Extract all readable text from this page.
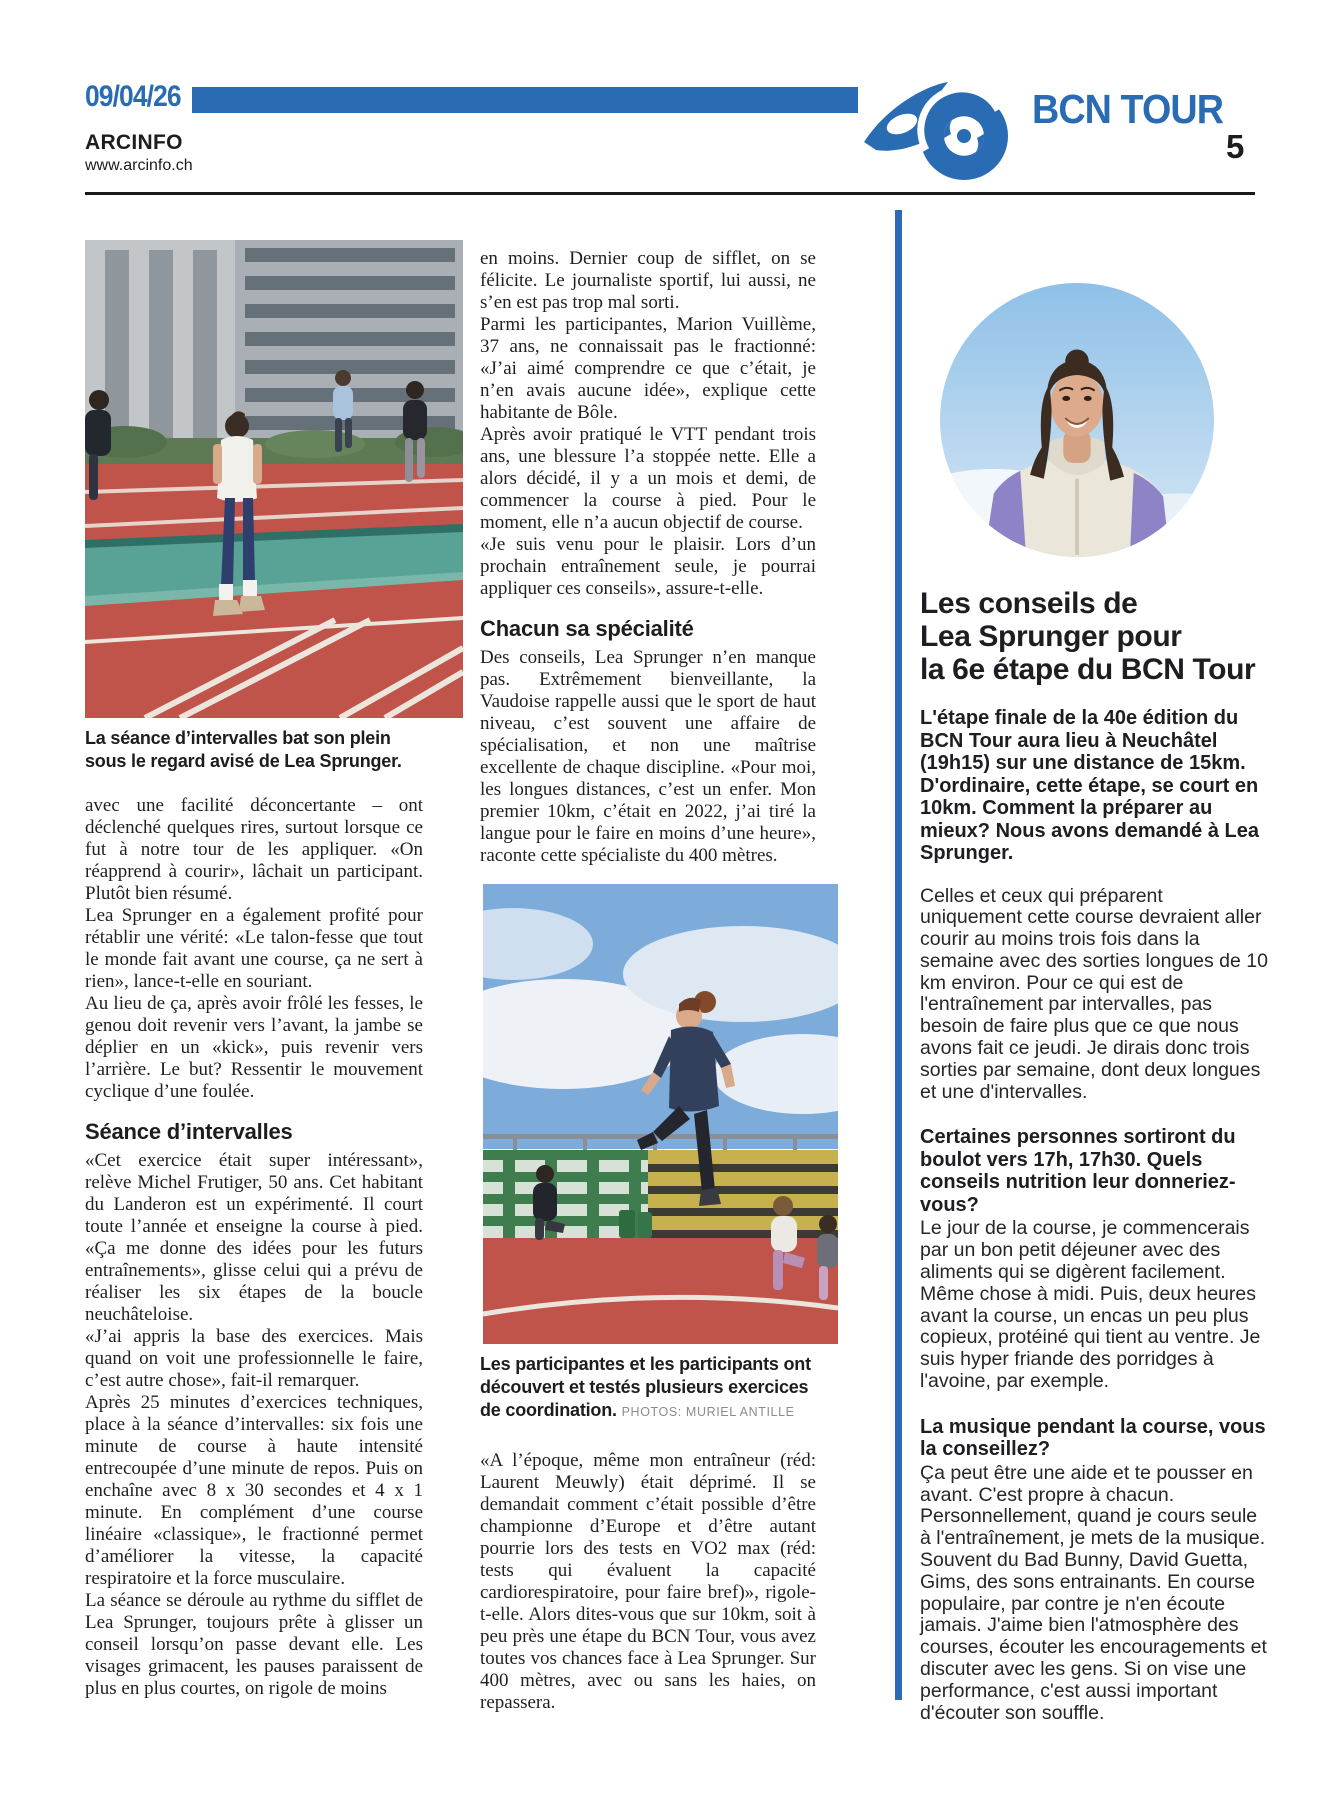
09/04/26
ARCINFO
www.arcinfo.ch
BCN TOUR
5
La séance d’intervalles bat son plein sous le regard avisé de Lea Sprunger.

avec une facilité déconcertante – ont déclenché quelques rires, surtout lorsque ce fut à notre tour de les appliquer. «On réapprend à courir», lâchait un participant. Plutôt bien résumé.

Lea Sprunger en a également profité pour rétablir une vérité: «Le talon-fesse que tout le monde fait avant une course, ça ne sert à rien», lance-t-elle en souriant.

Au lieu de ça, après avoir frôlé les fesses, le genou doit revenir vers l’avant, la jambe se déplier en un «kick», puis revenir vers l’arrière. Le but? Ressentir le mouvement cyclique d’une foulée.

Séance d’intervalles

«Cet exercice était super intéressant», relève Michel Frutiger, 50 ans. Cet habitant du Landeron est un expérimenté. Il court toute l’année et enseigne la course à pied. «Ça me donne des idées pour les futurs entraînements», glisse celui qui a prévu de réaliser les six étapes de la boucle neuchâteloise.

«J’ai appris la base des exercices. Mais quand on voit une professionnelle le faire, c’est autre chose», fait-il remarquer.

Après 25 minutes d’exercices techniques, place à la séance d’intervalles: six fois une minute de course à haute intensité entrecoupée d’une minute de repos. Puis on enchaîne avec 8 x 30 secondes et 4 x 1 minute. En complément d’une course linéaire «classique», le fractionné permet d’améliorer la vitesse, la capacité respiratoire et la force musculaire.

La séance se déroule au rythme du sifflet de Lea Sprunger, toujours prête à glisser un conseil lorsqu’on passe devant elle. Les visages grimacent, les pauses paraissent de plus en plus courtes, on rigole de moins

en moins. Dernier coup de sifflet, on se félicite. Le journaliste sportif, lui aussi, ne s’en est pas trop mal sorti.

Parmi les participantes, Marion Vuillème, 37 ans, ne connaissait pas le fractionné: «J’ai aimé comprendre ce que c’était, je n’en avais aucune idée», explique cette habitante de Bôle.

Après avoir pratiqué le VTT pendant trois ans, une blessure l’a stoppée nette. Elle a alors décidé, il y a un mois et demi, de commencer la course à pied. Pour le moment, elle n’a aucun objectif de course.

«Je suis venu pour le plaisir. Lors d’un prochain entraînement seule, je pourrai appliquer ces conseils», assure-t-elle.

Chacun sa spécialité

Des conseils, Lea Sprunger n’en manque pas. Extrêmement bienveillante, la Vaudoise rappelle aussi que le sport de haut niveau, c’est souvent une affaire de spécialisation, et non une maîtrise excellente de chaque discipline. «Pour moi, les longues distances, c’est un enfer. Mon premier 10km, c’était en 2022, j’ai tiré la langue pour le faire en moins d’une heure», raconte cette spécialiste du 400 mètres.

Les participantes et les participants ont découvert et testés plusieurs exercices de coordination. PHOTOS: MURIEL ANTILLE

«A l’époque, même mon entraîneur (réd: Laurent Meuwly) était déprimé. Il se demandait comment c’était possible d’être championne d’Europe et d’être autant pourrie lors des tests en VO2 max (réd: tests qui évaluent la capacité cardiorespiratoire, pour faire bref)», rigole-t-elle. Alors dites-vous que sur 10km, soit à peu près une étape du BCN Tour, vous avez toutes vos chances face à Lea Sprunger. Sur 400 mètres, avec ou sans les haies, on repassera.

Les conseils de
Lea Sprunger pour
la 6e étape du BCN Tour
L'étape finale de la 40e édition du BCN Tour aura lieu à Neuchâtel (19h15) sur une distance de 15km. D'ordinaire, cette étape, se court en 10km. Comment la préparer au mieux? Nous avons demandé à Lea Sprunger.
Celles et ceux qui préparent uniquement cette course devraient aller courir au moins trois fois dans la semaine avec des sorties longues de 10 km environ. Pour ce qui est de l'entraînement par intervalles, pas besoin de faire plus que ce que nous avons fait ce jeudi. Je dirais donc trois sorties par semaine, dont deux longues et une d'intervalles.
Certaines personnes sortiront du boulot vers 17h, 17h30. Quels conseils nutrition leur donneriez-vous?
Le jour de la course, je commencerais par un bon petit déjeuner avec des aliments qui se digèrent facilement. Même chose à midi. Puis, deux heures avant la course, un encas un peu plus copieux, protéiné qui tient au ventre. Je suis hyper friande des porridges à l'avoine, par exemple.
La musique pendant la course, vous la conseillez?
Ça peut être une aide et te pousser en avant. C'est propre à chacun. Personnellement, quand je cours seule à l'entraînement, je mets de la musique. Souvent du Bad Bunny, David Guetta, Gims, des sons entrainants. En course populaire, par contre je n'en écoute jamais. J'aime bien l'atmosphère des courses, écouter les encouragements et discuter avec les gens. Si on vise une performance, c'est aussi important d'écouter son souffle.
